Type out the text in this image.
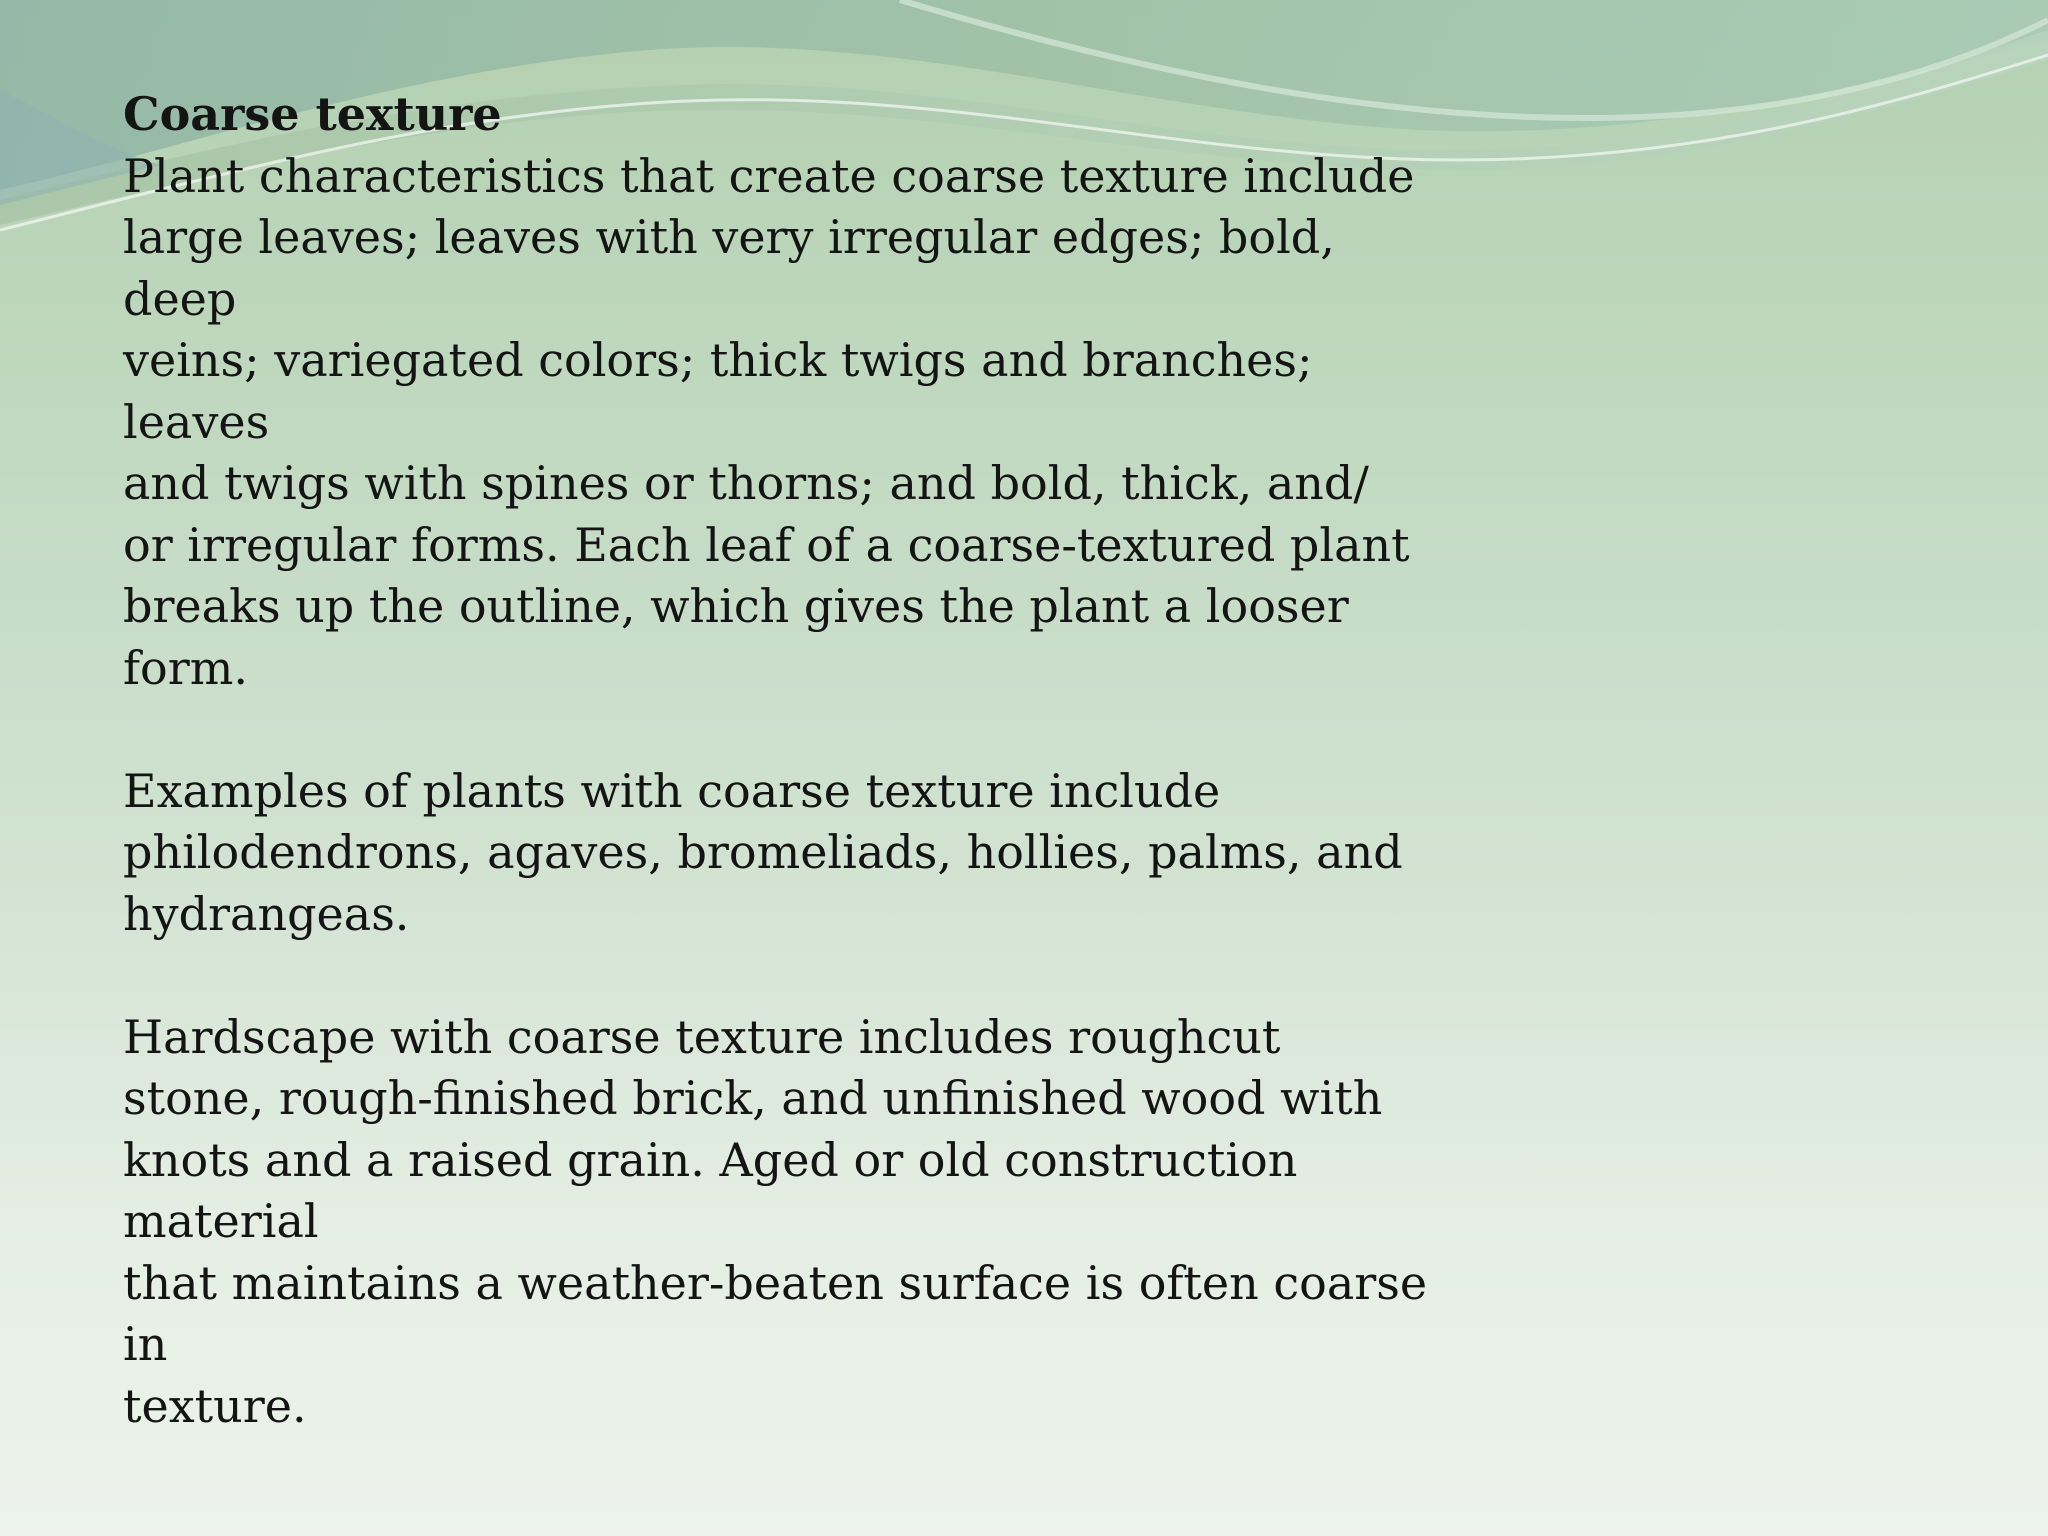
Coarse texture

Plant characteristics that create coarse texture include
large leaves; leaves with very irregular edges; bold, deep
veins; variegated colors; thick twigs and branches; leaves
and twigs with spines or thorns; and bold, thick, and/
or irregular forms. Each leaf of a coarse-textured plant
breaks up the outline, which gives the plant a looser
form.

Examples of plants with coarse texture include
philodendrons, agaves, bromeliads, hollies, palms, and
hydrangeas.

Hardscape with coarse texture includes roughcut
stone, rough-finished brick, and unfinished wood with
knots and a raised grain. Aged or old construction material
that maintains a weather-beaten surface is often coarse in
texture.
